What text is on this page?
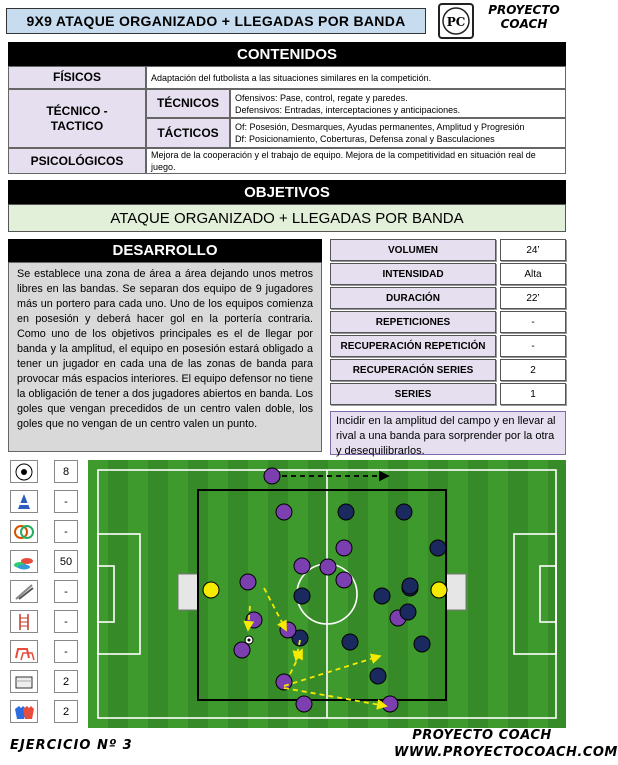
9X9 ATAQUE ORGANIZADO + LLEGADAS POR BANDA	PC
PROYECTO
COACH
CONTENIDOS
FÍSICOS	Adaptación del futbolista a las situaciones similares en la competición.
TÉCNICO -
TACTICO
TÉCNICOS	Ofensivos: Pase, control, regate y paredes.
Defensivos: Entradas, interceptaciones y anticipaciones.
TÁCTICOS	Of: Posesión, Desmarques, Ayudas permanentes, Amplitud y Progresión
Df: Posicionamiento, Coberturas, Defensa zonal y Basculaciones
PSICOLÓGICOS	Mejora de la cooperación y el trabajo de equipo. Mejora de la competitividad en situación real de juego.
OBJETIVOS
ATAQUE ORGANIZADO + LLEGADAS POR BANDA
DESARROLLO
Se establece una zona de área a área dejando unos metros libres en las bandas. Se separan dos equipo de 9 jugadores más un portero para cada uno. Uno de los equipos comienza en posesión y deberá hacer gol en la portería contraria. Como uno de los objetivos principales es el de llegar por banda y la amplitud, el equipo en posesión estará obligado a tener un jugador en cada una de las zonas de banda para provocar más espacios interiores. El equipo defensor no tiene la obligación de tener a dos jugadores abiertos en banda. Los goles que vengan precedidos de un centro valen doble, los goles que no vengan de un centro valen un punto.
VOLUMEN	24’
INTENSIDAD	Alta
DURACIÓN	22’
REPETICIONES	-
RECUPERACIÓN REPETICIÓN	-
RECUPERACIÓN SERIES	2
SERIES	1
Incidir en la amplitud del campo y en llevar al rival a una banda para sorprender por la otra y desequilibrarlos.
8
-
-
50
-
-
-
2
2
EJERCICIO Nº 3
PROYECTO COACH
WWW.PROYECTOCOACH.COM
